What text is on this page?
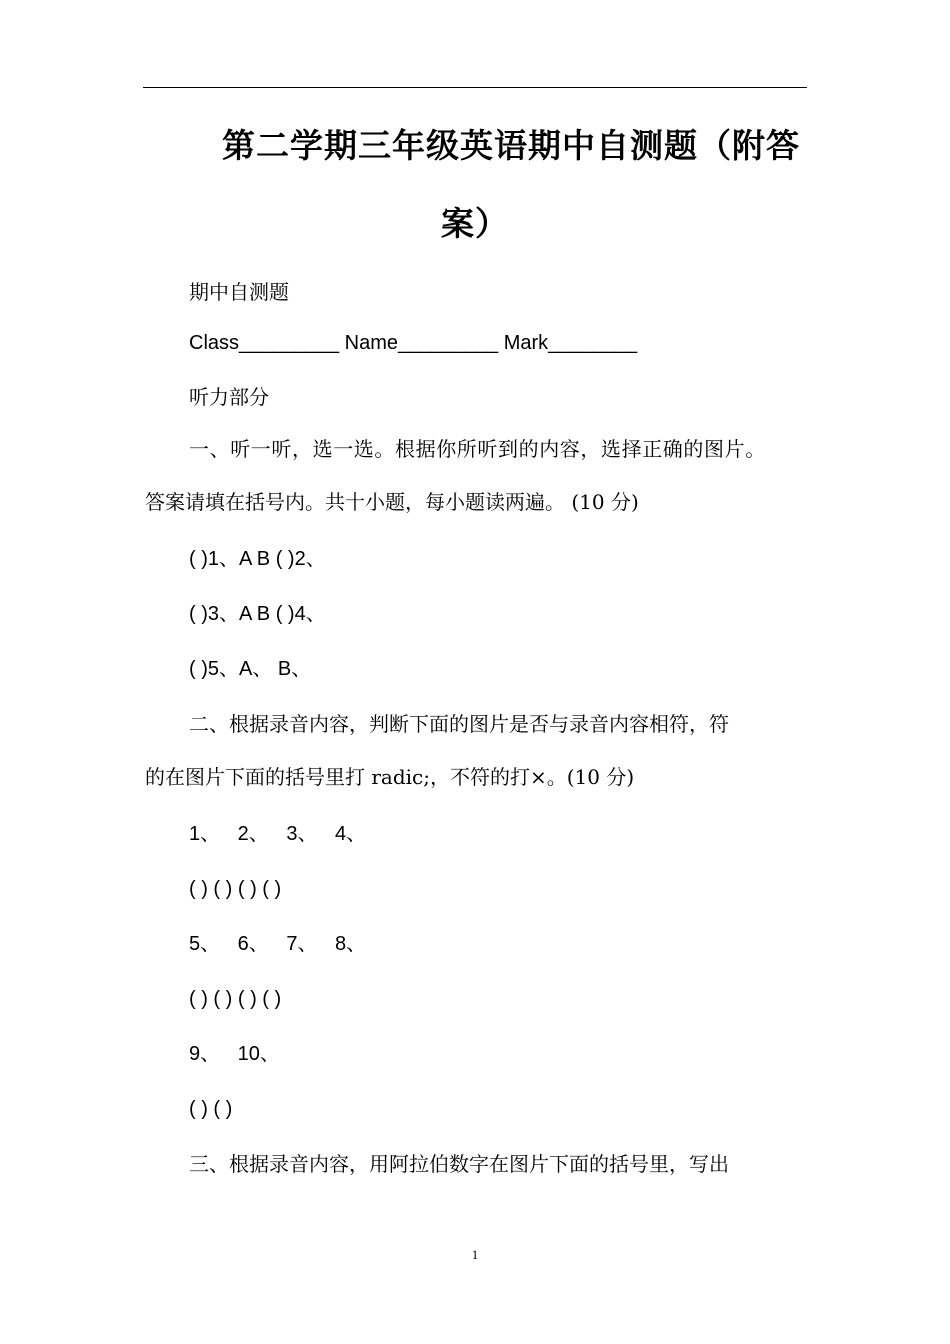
第二学期三年级英语期中自测题（附答
案）
期中自测题
Class_________ Name_________ Mark________
听力部分
一、听一听，选一选。根据你所听到的内容，选择正确的图片。
答案请填在括号内。共十小题，每小题读两遍。 (10 分)
( )1、A B ( )2、
( )3、A B ( )4、
( )5、A、 B、
二、根据录音内容，判断下面的图片是否与录音内容相符，符
的在图片下面的括号里打 radic;，不符的打×。(10 分)
1、 2、 3、 4、
( ) ( ) ( ) ( )
5、 6、 7、 8、
( ) ( ) ( ) ( )
9、 10、
( ) ( )
三、根据录音内容，用阿拉伯数字在图片下面的括号里，写出
1
